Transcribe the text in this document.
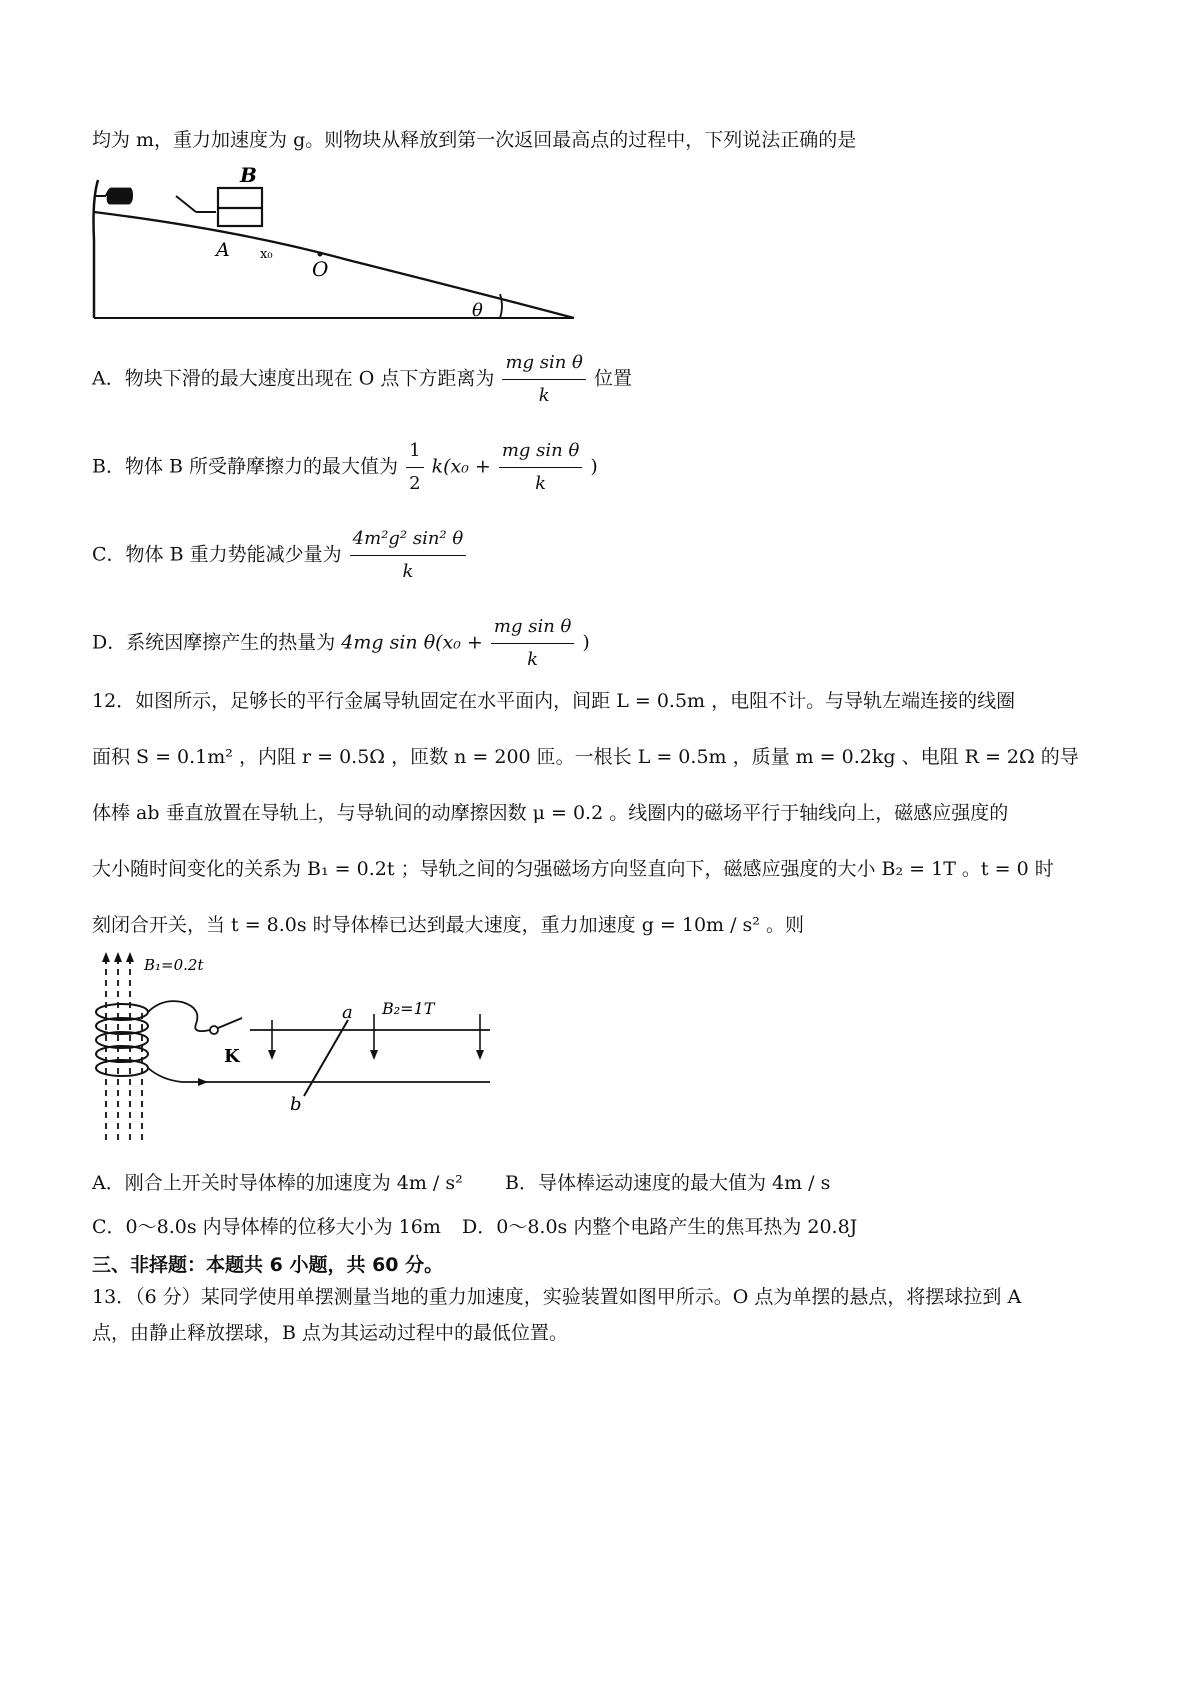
均为 m，重力加速度为 g。则物块从释放到第一次返回最高点的过程中，下列说法正确的是
B
A x₀
O
θ
A．物块下滑的最大速度出现在 O 点下方距离为 $\frac{\text{mg sin θ}}{k}$ 位置
B．物体 B 所受静摩擦力的最大值为 $\frac{1}{2} k(x_0 + \frac{\text{mg sin θ}}{k}$ )
C．物体 B 重力势能减少量为 $\frac{\text{4m²g² sin² θ}}{k}$
D．系统因摩擦产生的热量为 4mg $\sin \theta(x_0 + \frac{\text{mg sin θ}}{k}$ )
12．如图所示，足够长的平行金属导轨固定在水平面内，间距 L = 0.5m ，电阻不计。与导轨左端连接的线圈
面积 S = 0.1m² ，内阻 r = 0.5Ω ，匝数 n = 200 匝。一根长 L = 0.5m ，质量 m = 0.2kg 、电阻 R = 2Ω 的导
体棒 ab 垂直放置在导轨上，与导轨间的动摩擦因数 μ = 0.2 。线圈内的磁场平行于轴线向上，磁感应强度的
大小随时间变化的关系为 B₁ = 0.2t ；导轨之间的匀强磁场方向竖直向下，磁感应强度的大小 B₂ = 1T 。t = 0 时
刻闭合开关，当 t = 8.0s 时导体棒已达到最大速度，重力加速度 g = 10m / s² 。则
B₁=0.2t
K
B₂=1T
a
b
A．刚合上开关时导体棒的加速度为 4m / s² B．导体棒运动速度的最大值为 4m / s
C．0～8.0s 内导体棒的位移大小为 16m D．0～8.0s 内整个电路产生的焦耳热为 20.8J
三、非择题：本题共 6 小题，共 60 分。
13．（6 分）某同学使用单摆测量当地的重力加速度，实验装置如图甲所示。O 点为单摆的悬点，将摆球拉到 A
点，由静止释放摆球，B 点为其运动过程中的最低位置。
